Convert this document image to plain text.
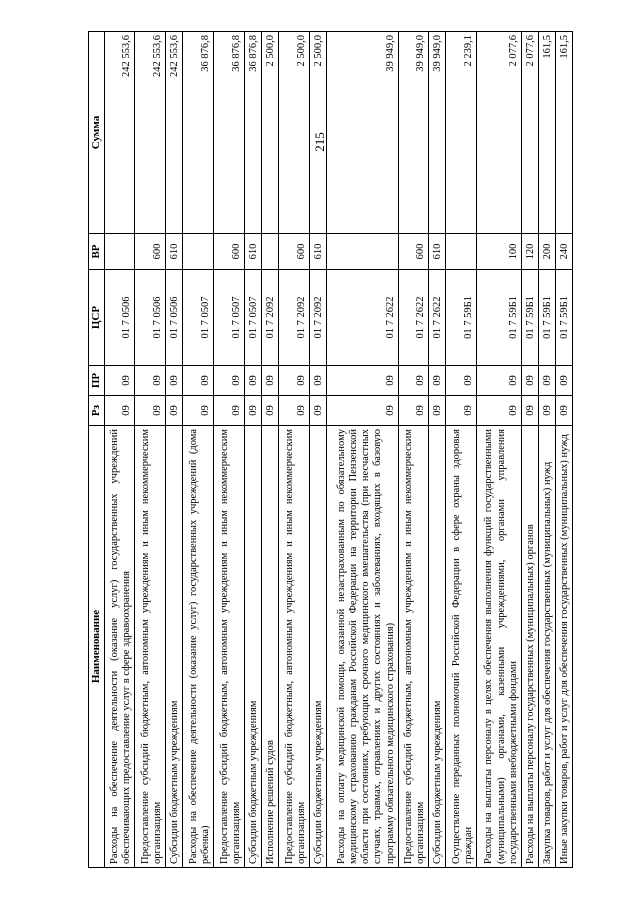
215
Наименование	Рз	ПР	ЦСР	ВР	Сумма
Расходы на обеспечение деятельности (оказание услуг) государственных учреждений обеспечивающих предоставление услуг в сфере здравоохранения	09	09	01 7 0506		242 553,6
Предоставление субсидий бюджетным, автономным учреждениям и иным некоммерческим организациям	09	09	01 7 0506	600	242 553,6
Субсидии бюджетным учреждениям	09	09	01 7 0506	610	242 553,6
Расходы на обеспечение деятельности (оказание услуг) государственных учреждений (дома ребенка)	09	09	01 7 0507		36 876,8
Предоставление субсидий бюджетным, автономным учреждениям и иным некоммерческим организациям	09	09	01 7 0507	600	36 876,8
Субсидии бюджетным учреждениям	09	09	01 7 0507	610	36 876,8
Исполнение решений судов	09	09	01 7 2092		2 500,0
Предоставление субсидий бюджетным, автономным учреждениям и иным некоммерческим организациям	09	09	01 7 2092	600	2 500,0
Субсидии бюджетным учреждениям	09	09	01 7 2092	610	2 500,0
Расходы на оплату медицинской помощи, оказанной незастрахованным по обязательному медицинскому страхованию гражданам Российской Федерации на территории Пензенской области при состояниях, требующих срочного медицинского вмешательства (при несчастных случаях, травмах, отравлениях и других состояниях и заболеваниях, входящих в базовую программу обязательного медицинского страхования)	09	09	01 7 2622		39 949,0
Предоставление субсидий бюджетным, автономным учреждениям и иным некоммерческим организациям	09	09	01 7 2622	600	39 949,0
Субсидии бюджетным учреждениям	09	09	01 7 2622	610	39 949,0
Осуществление переданных полномочий Российской Федерации в сфере охраны здоровья граждан	09	09	01 7 59Б1		2 239,1
Расходы на выплаты персоналу в целях обеспечения выполнения функций государственными (муниципальными) органами, казенными учреждениями, органами управления государственными внебюджетными фондами	09	09	01 7 59Б1	100	2 077,6
Расходы на выплаты персоналу государственных (муниципальных) органов	09	09	01 7 59Б1	120	2 077,6
Закупка товаров, работ и услуг для обеспечения государственных (муниципальных) нужд	09	09	01 7 59Б1	200	161,5
Иные закупки товаров, работ и услуг для обеспечения государственных (муниципальных) нужд	09	09	01 7 59Б1	240	161,5
